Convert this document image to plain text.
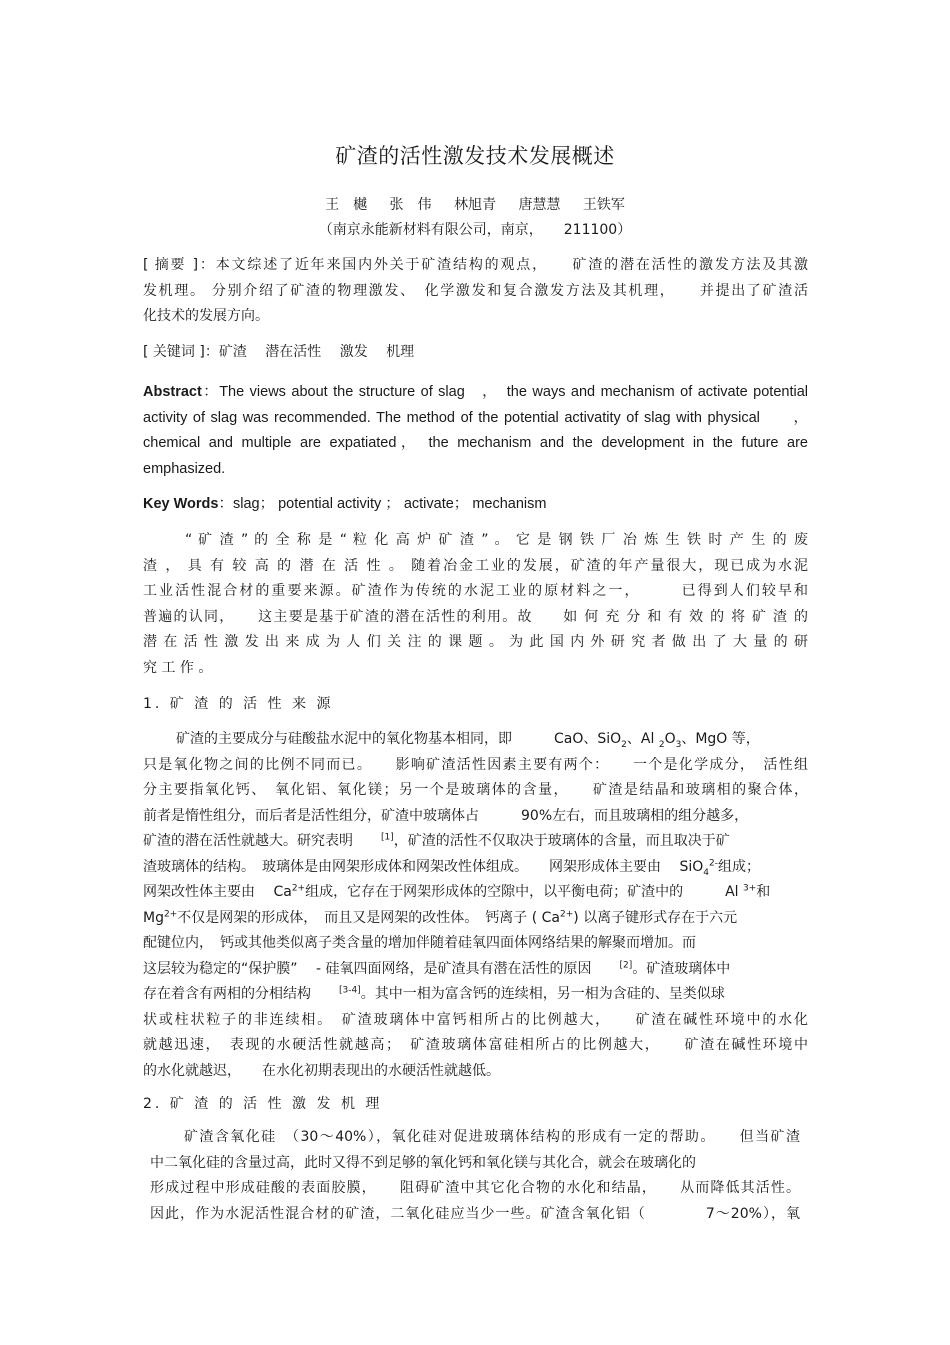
矿渣的活性激发技术发展概述
王　樾 张　伟 林旭青 唐慧慧 王铁军
（南京永能新材料有限公司，南京，　　211100）
[ 摘要 ]：本文综述了近年来国内外关于矿渣结构的观点，　　矿渣的潜在活性的激发方法及其激
发机理。 分别介绍了矿渣的物理激发、　化学激发和复合激发方法及其机理，　　并提出了矿渣活
化技术的发展方向。
[ 关键词 ]：矿渣　 潜在活性　 激发　 机理
Abstract：The views about the structure of slag　，　the ways and mechanism of activate potential
activity of slag was recommended. The method of the potential activatity of slag with physical　　，
chemical and multiple are expatiated， the mechanism and the development in the future are
emphasized.
Key Words：slag； potential activity ； activate； mechanism
“ 矿 渣 ” 的 全 称 是 “ 粒 化 高 炉 矿 渣 ” 。 它 是 钢 铁 厂 冶 炼 生 铁 时 产 生 的 废
渣 ， 具 有 较 高 的 潜 在 活 性 。 随着冶金工业的发展，矿渣的年产量很大，现已成为水泥
工业活性混合材的重要来源。矿渣作为传统的水泥工业的原材料之一，　　　已得到人们较早和
普遍的认同，　　这主要是基于矿渣的潜在活性的利用。故　　如 何 充 分 和 有 效 的 将 矿 渣 的
潜 在 活 性 激 发 出 来 成 为 人 们 关 注 的 课 题 。 为 此 国 内 外 研 究 者 做 出 了 大 量 的 研
究 工 作 。
1. 矿 渣 的 活 性 来 源
矿渣的主要成分与硅酸盐水泥中的氧化物基本相同，即　　　CaO、SiO$_2$、Al $_2O_3$、MgO 等，
只是氧化物之间的比例不同而已。　　影响矿渣活性因素主要有两个：　　一个是化学成分，　活性组
分主要指氧化钙、　氧化铝、氧化镁；另一个是玻璃体的含量，　　矿渣是结晶和玻璃相的聚合体，
前者是惰性组分，而后者是活性组分，矿渣中玻璃体占　　　90%左右，而且玻璃相的组分越多，
矿渣的潜在活性就越大。研究表明　　[1]，矿渣的活性不仅取决于玻璃体的含量，而且取决于矿
渣玻璃体的结构。　玻璃体是由网架形成体和网架改性体组成。　　网架形成体主要由　 SiO$_4^{2-}$组成；
网架改性体主要由　 $Ca^{2+}$组成，它存在于网架形成体的空隙中，以平衡电荷；矿渣中的　　　Al $^{3+}$和
$Mg^{2+}$不仅是网架的形成体，　而且又是网架的改性体。　钙离子 ( $Ca^{2+}$) 以离子键形式存在于六元
配键位内，　钙或其他类似离子类含量的增加伴随着硅氧四面体网络结果的解聚而增加。而
这层较为稳定的“保护膜”　 - 硅氧四面网络，是矿渣具有潜在活性的原因　　[2]。矿渣玻璃体中
存在着含有两相的分相结构　　[3-4]。其中一相为富含钙的连续相，另一相为含硅的、呈类似球
状或柱状粒子的非连续相。　矿渣玻璃体中富钙相所占的比例越大，　　矿渣在碱性环境中的水化
就越迅速，　表现的水硬活性就越高；　矿渣玻璃体富硅相所占的比例越大，　　矿渣在碱性环境中
的水化就越迟，　　在水化初期表现出的水硬活性就越低。
2. 矿 渣 的 活 性 激 发 机 理
矿渣含氧化硅　（30～40%），氧化硅对促进玻璃体结构的形成有一定的帮助。　　但当矿渣
中二氧化硅的含量过高，此时又得不到足够的氧化钙和氧化镁与其化合，就会在玻璃化的
形成过程中形成硅酸的表面胶膜，　　阻碍矿渣中其它化合物的水化和结晶，　　从而降低其活性。
因此，作为水泥活性混合材的矿渣，二氧化硅应当少一些。矿渣含氧化铝（　　　　7～20%），氧
